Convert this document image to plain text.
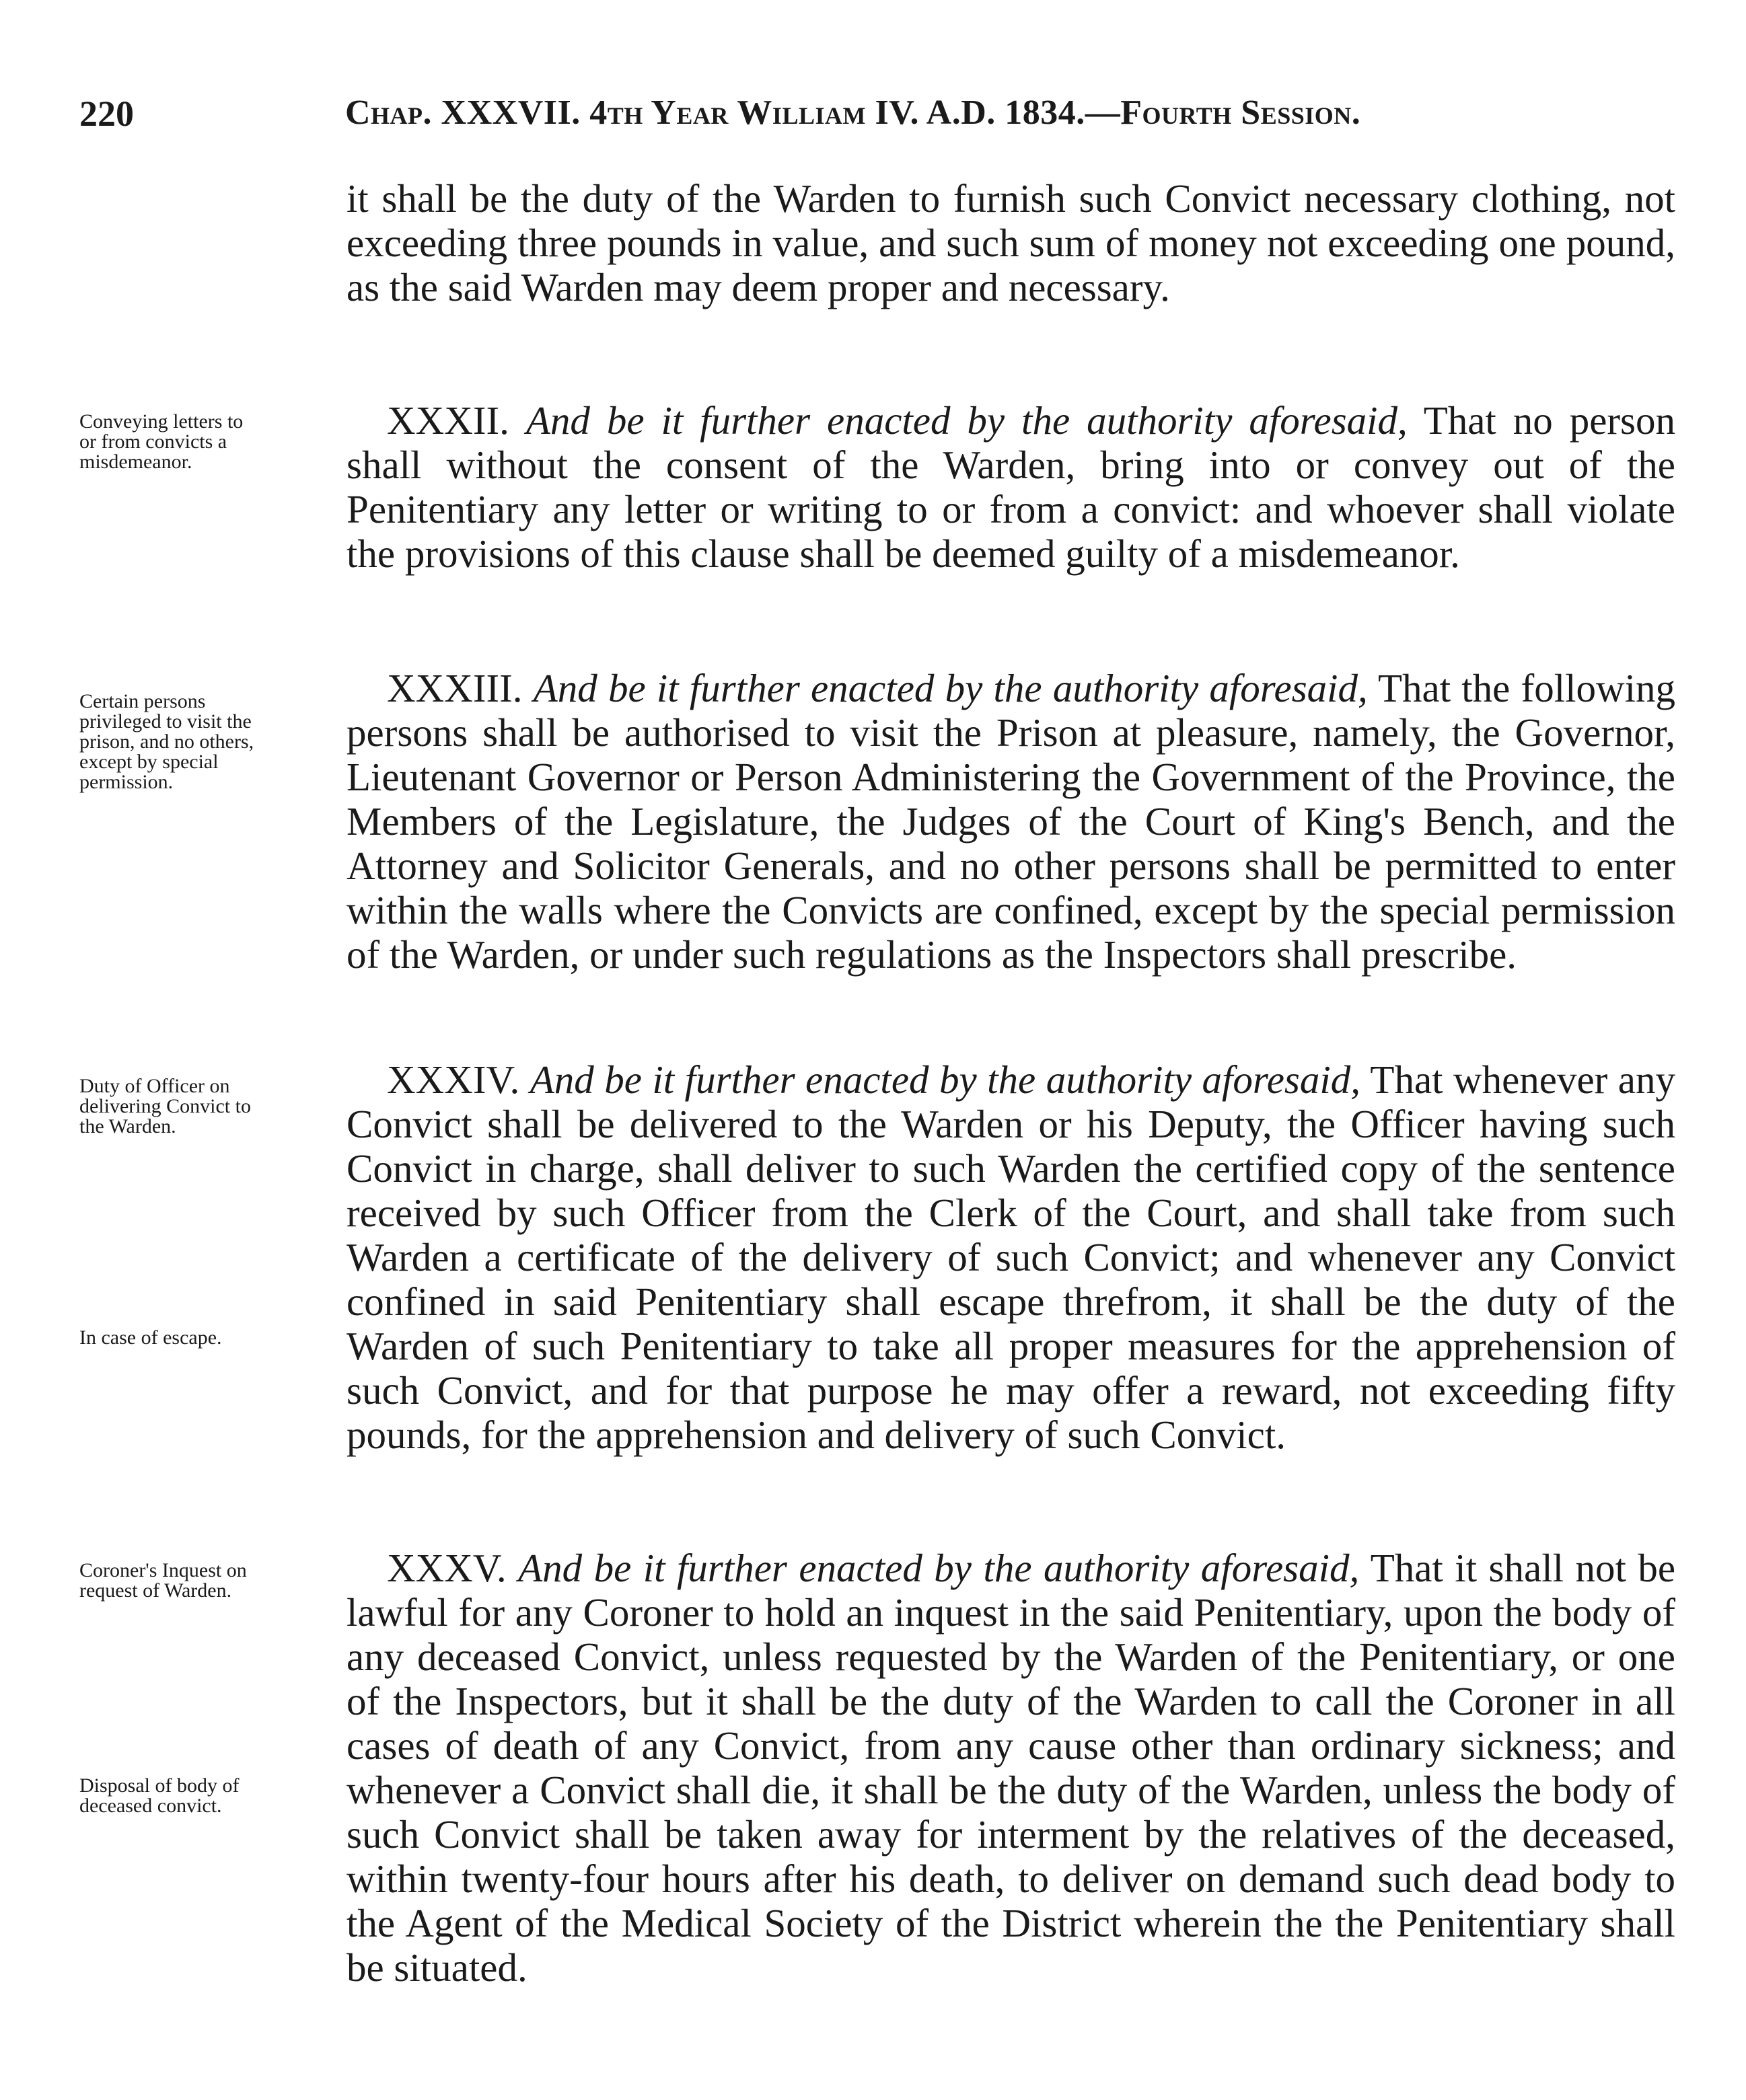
220	Chap. XXXVII. 4th Year William IV. A.D. 1834.—Fourth Session.
it shall be the duty of the Warden to furnish such Convict necessary clothing, not exceeding three pounds in value, and such sum of money not exceeding one pound, as the said Warden may deem proper and necessary.
XXXII. And be it further enacted by the authority aforesaid, That no person shall without the consent of the Warden, bring into or convey out of the Penitentiary any letter or writing to or from a convict: and whoever shall violate the provisions of this clause shall be deemed guilty of a misdemeanor.
XXXIII. And be it further enacted by the authority aforesaid, That the following persons shall be authorised to visit the Prison at pleasure, namely, the Governor, Lieutenant Governor or Person Administering the Government of the Province, the Members of the Legislature, the Judges of the Court of King's Bench, and the Attorney and Solicitor Generals, and no other persons shall be permitted to enter within the walls where the Convicts are confined, except by the special permission of the Warden, or under such regulations as the Inspectors shall prescribe.
XXXIV. And be it further enacted by the authority aforesaid, That whenever any Convict shall be delivered to the Warden or his Deputy, the Officer having such Convict in charge, shall deliver to such Warden the certified copy of the sentence received by such Officer from the Clerk of the Court, and shall take from such Warden a certificate of the delivery of such Convict; and whenever any Convict confined in said Penitentiary shall escape threfrom, it shall be the duty of the Warden of such Penitentiary to take all proper measures for the apprehension of such Convict, and for that purpose he may offer a reward, not exceeding fifty pounds, for the apprehension and delivery of such Convict.
XXXV. And be it further enacted by the authority aforesaid, That it shall not be lawful for any Coroner to hold an inquest in the said Penitentiary, upon the body of any deceased Convict, unless requested by the Warden of the Penitentiary, or one of the Inspectors, but it shall be the duty of the Warden to call the Coroner in all cases of death of any Convict, from any cause other than ordinary sickness; and whenever a Convict shall die, it shall be the duty of the Warden, unless the body of such Convict shall be taken away for interment by the relatives of the deceased, within twenty-four hours after his death, to deliver on demand such dead body to the Agent of the Medical Society of the District wherein the the Penitentiary shall be situated.
Conveying letters to
or from convicts a
misdemeanor.
Certain persons
privileged to visit the
prison, and no others,
except by special
permission.
Duty of Officer on
delivering Convict to
the Warden.
In case of escape.
Coroner's Inquest on
request of Warden.
Disposal of body of
deceased convict.
